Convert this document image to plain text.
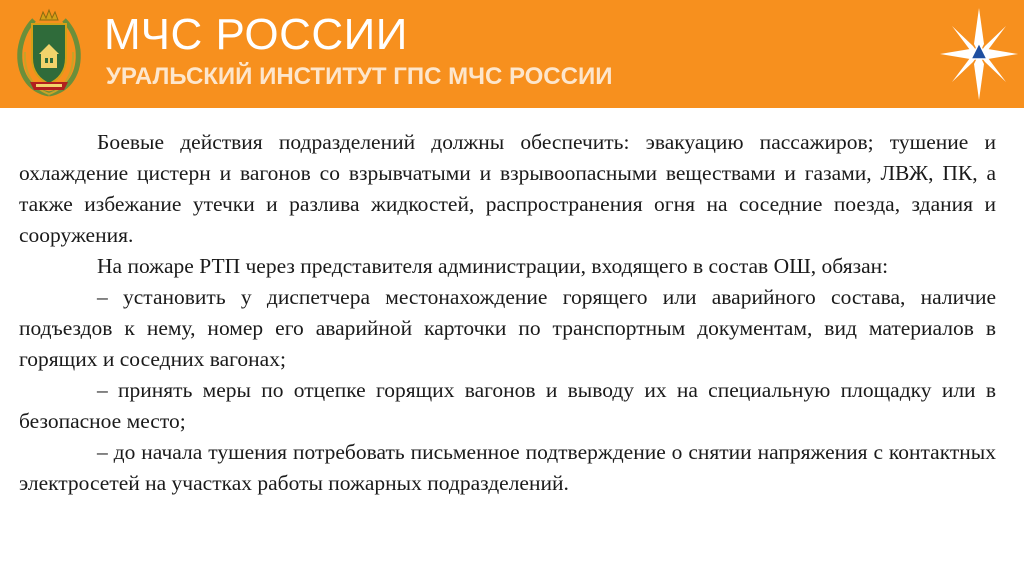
МЧС РОССИИ
УРАЛЬСКИЙ ИНСТИТУТ ГПС МЧС РОССИИ

Боевые действия подразделений должны обеспечить: эвакуацию пассажиров; тушение и охлаждение цистерн и вагонов со взрывчатыми и взрывоопасными веществами и газами, ЛВЖ, ПК, а также избежание утечки и разлива жидкостей, распространения огня на соседние поезда, здания и сооружения.

На пожаре РТП через представителя администрации, входящего в состав ОШ, обязан:

– установить у диспетчера местонахождение горящего или аварийного состава, наличие подъездов к нему, номер его аварийной карточки по транспортным документам, вид материалов в горящих и соседних вагонах;

– принять меры по отцепке горящих вагонов и выводу их на специальную площадку или в безопасное место;

– до начала тушения потребовать письменное подтверждение о снятии напряжения с контактных электросетей на участках работы пожарных подразделений.
